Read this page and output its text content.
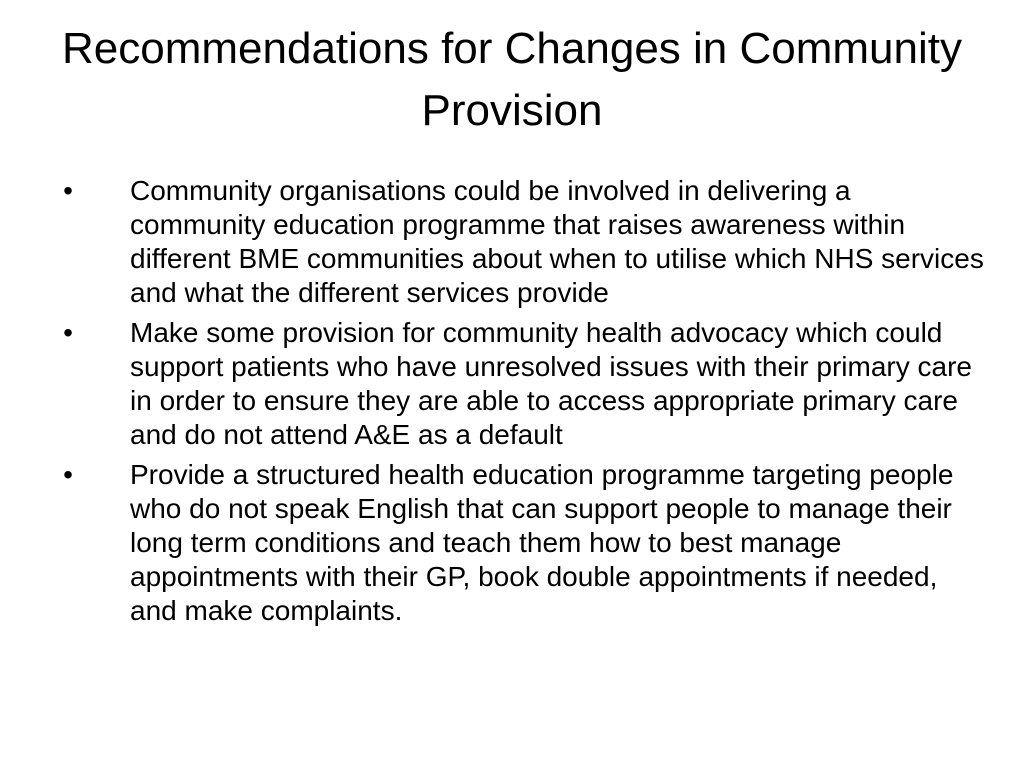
Recommendations for Changes in Community Provision
• Community organisations could be involved in delivering a community education programme that raises awareness within different BME communities about when to utilise which NHS services and what the different services provide
• Make some provision for community health advocacy which could support patients who have unresolved issues with their primary care in order to ensure they are able to access appropriate primary care and do not attend A&E as a default
• Provide a structured health education programme targeting people who do not speak English that can support people to manage their long term conditions and teach them how to best manage appointments with their GP, book double appointments if needed, and make complaints.
